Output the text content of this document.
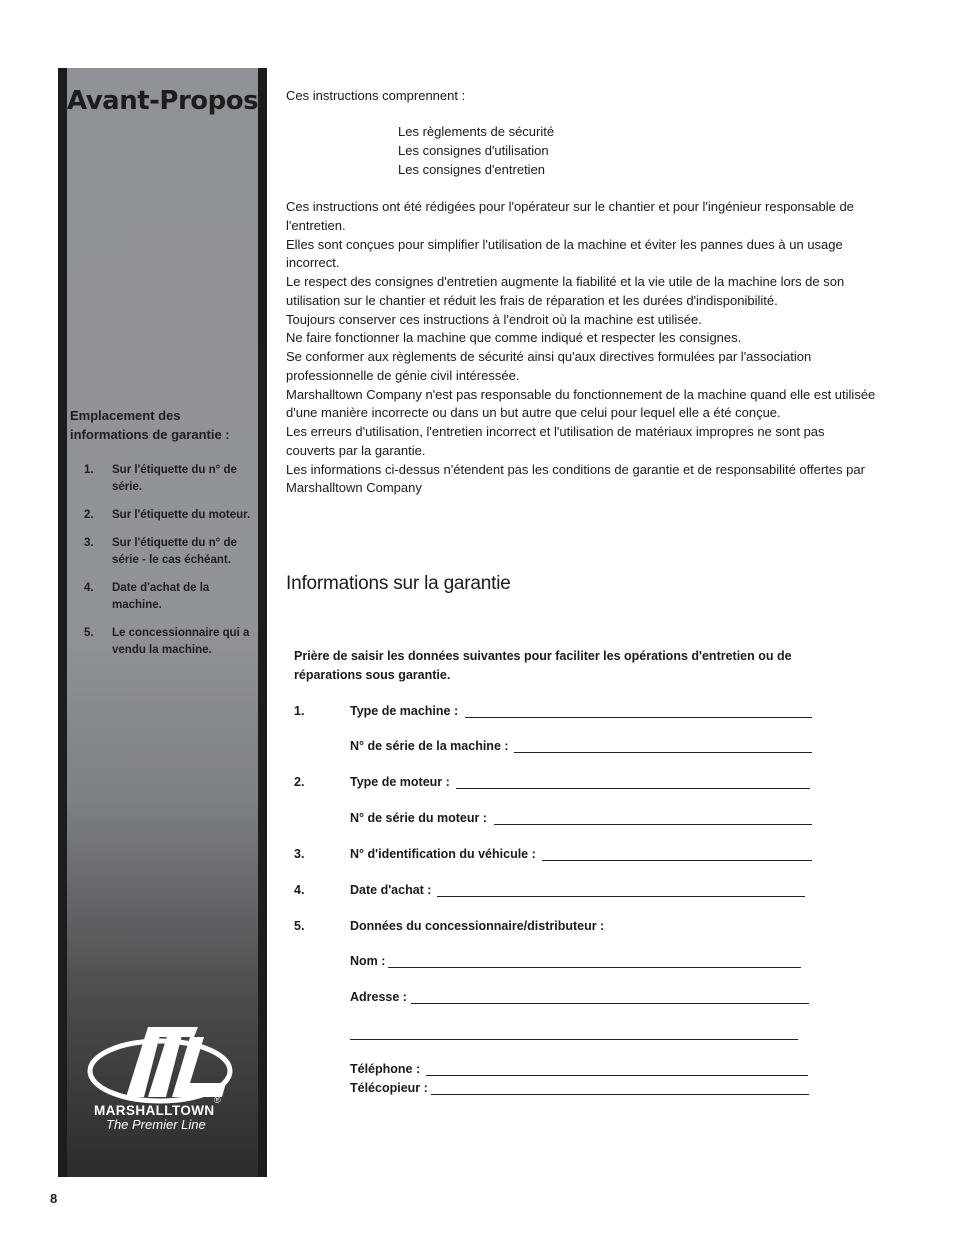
Avant-Propos
Emplacement des informations de garantie :
1.	Sur l'étiquette du n° de série.
2.	Sur l'étiquette du moteur.
3.	Sur l'étiquette du n° de série - le cas échéant.
4.	Date d'achat de la machine.
5.	Le concessionnaire qui a vendu la machine.
®
MARSHALLTOWN
The Premier Line
Ces instructions comprennent :
Les règlements de sécurité
Les consignes d'utilisation
Les consignes d'entretien

Ces instructions ont été rédigées pour l'opérateur sur le chantier et pour l'ingénieur responsable de l'entretien.

Elles sont conçues pour simplifier l'utilisation de la machine et éviter les pannes dues à un usage incorrect.

Le respect des consignes d'entretien augmente la fiabilité et la vie utile de la machine lors de son utilisation sur le chantier et réduit les frais de réparation et les durées d'indisponibilité.

Toujours conserver ces instructions à l'endroit où la machine est utilisée.

Ne faire fonctionner la machine que comme indiqué et respecter les consignes.

Se conformer aux règlements de sécurité ainsi qu'aux directives formulées par l'association professionnelle de génie civil intéressée.

Marshalltown Company n'est pas responsable du fonctionnement de la machine quand elle est utilisée d'une manière incorrecte ou dans un but autre que celui pour lequel elle a été conçue.

Les erreurs d'utilisation, l'entretien incorrect et l'utilisation de matériaux impropres ne sont pas couverts par la garantie.

Les informations ci-dessus n'étendent pas les conditions de garantie et de responsabilité offertes par Marshalltown Company

Informations sur la garantie
Prière de saisir les données suivantes pour faciliter les opérations d'entretien ou de réparations sous garantie.
1.	Type de machine :
N° de série de la machine :
2.	Type de moteur :
N° de série du moteur :
3.	N° d'identification du véhicule :
4.	Date d'achat :
5.	Données du concessionnaire/distributeur :
Nom :
Adresse :
Téléphone :
Télécopieur :
8
